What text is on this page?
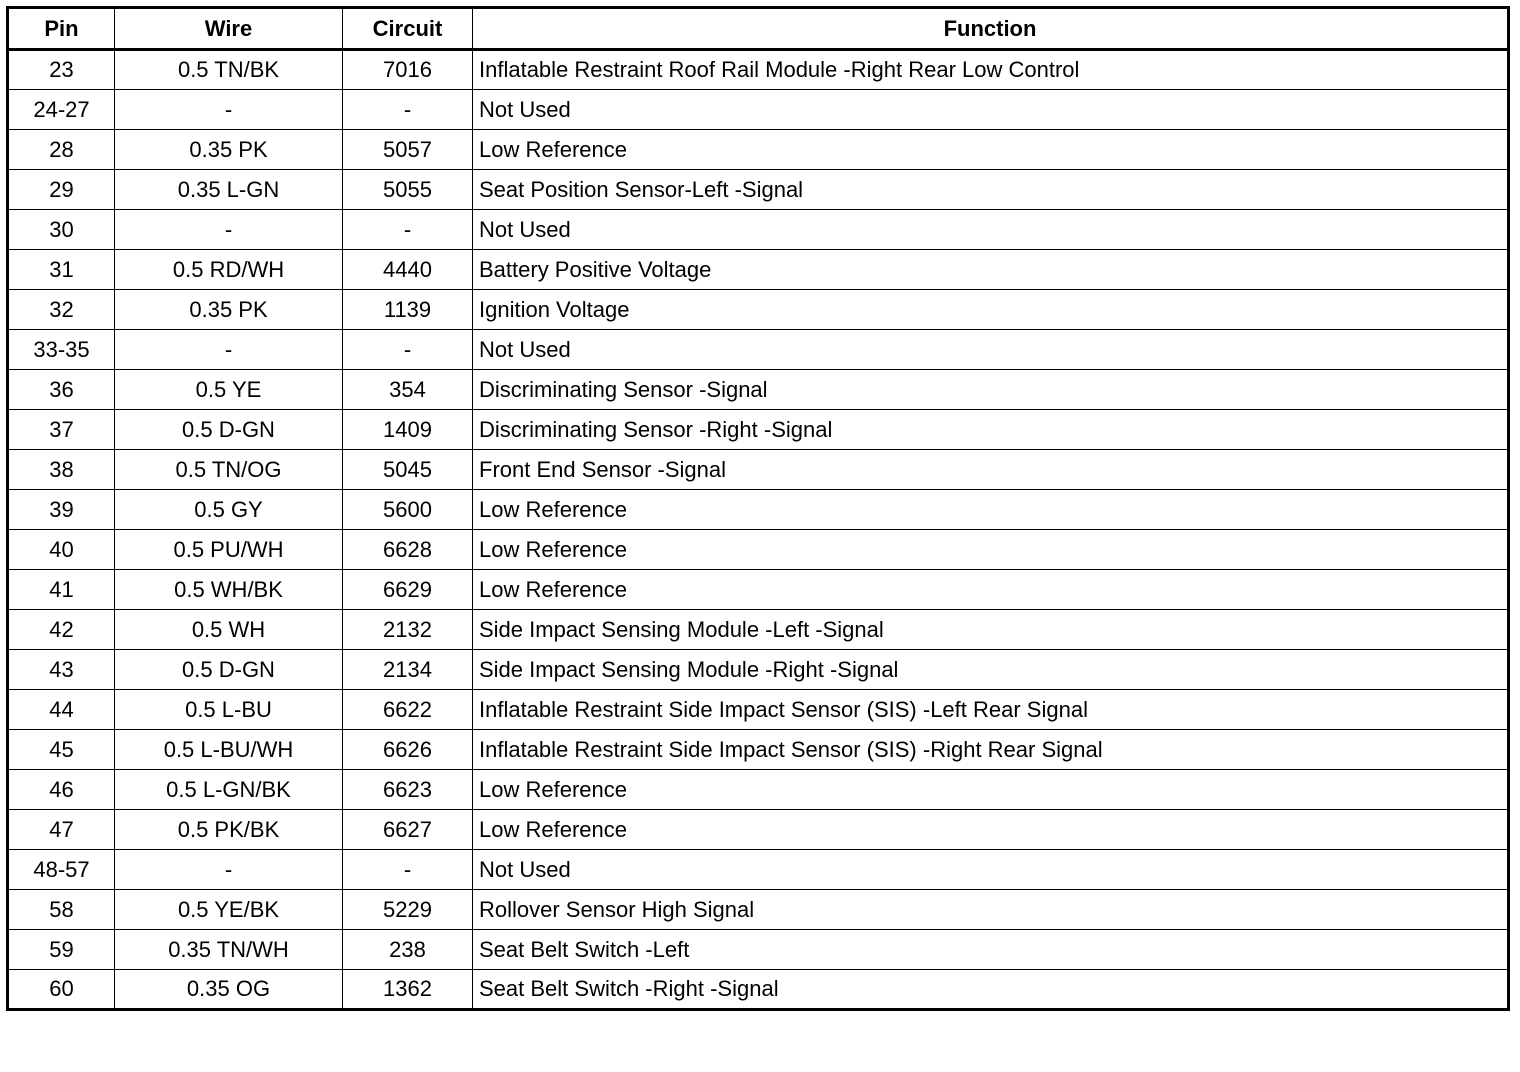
Pin	Wire	Circuit	Function
23	0.5 TN/BK	7016	Inflatable Restraint Roof Rail Module -Right Rear Low Control
24-27	-	-	Not Used
28	0.35 PK	5057	Low Reference
29	0.35 L-GN	5055	Seat Position Sensor-Left -Signal
30	-	-	Not Used
31	0.5 RD/WH	4440	Battery Positive Voltage
32	0.35 PK	1139	Ignition Voltage
33-35	-	-	Not Used
36	0.5 YE	354	Discriminating Sensor -Signal
37	0.5 D-GN	1409	Discriminating Sensor -Right -Signal
38	0.5 TN/OG	5045	Front End Sensor -Signal
39	0.5 GY	5600	Low Reference
40	0.5 PU/WH	6628	Low Reference
41	0.5 WH/BK	6629	Low Reference
42	0.5 WH	2132	Side Impact Sensing Module -Left -Signal
43	0.5 D-GN	2134	Side Impact Sensing Module -Right -Signal
44	0.5 L-BU	6622	Inflatable Restraint Side Impact Sensor (SIS) -Left Rear Signal
45	0.5 L-BU/WH	6626	Inflatable Restraint Side Impact Sensor (SIS) -Right Rear Signal
46	0.5 L-GN/BK	6623	Low Reference
47	0.5 PK/BK	6627	Low Reference
48-57	-	-	Not Used
58	0.5 YE/BK	5229	Rollover Sensor High Signal
59	0.35 TN/WH	238	Seat Belt Switch -Left
60	0.35 OG	1362	Seat Belt Switch -Right -Signal
